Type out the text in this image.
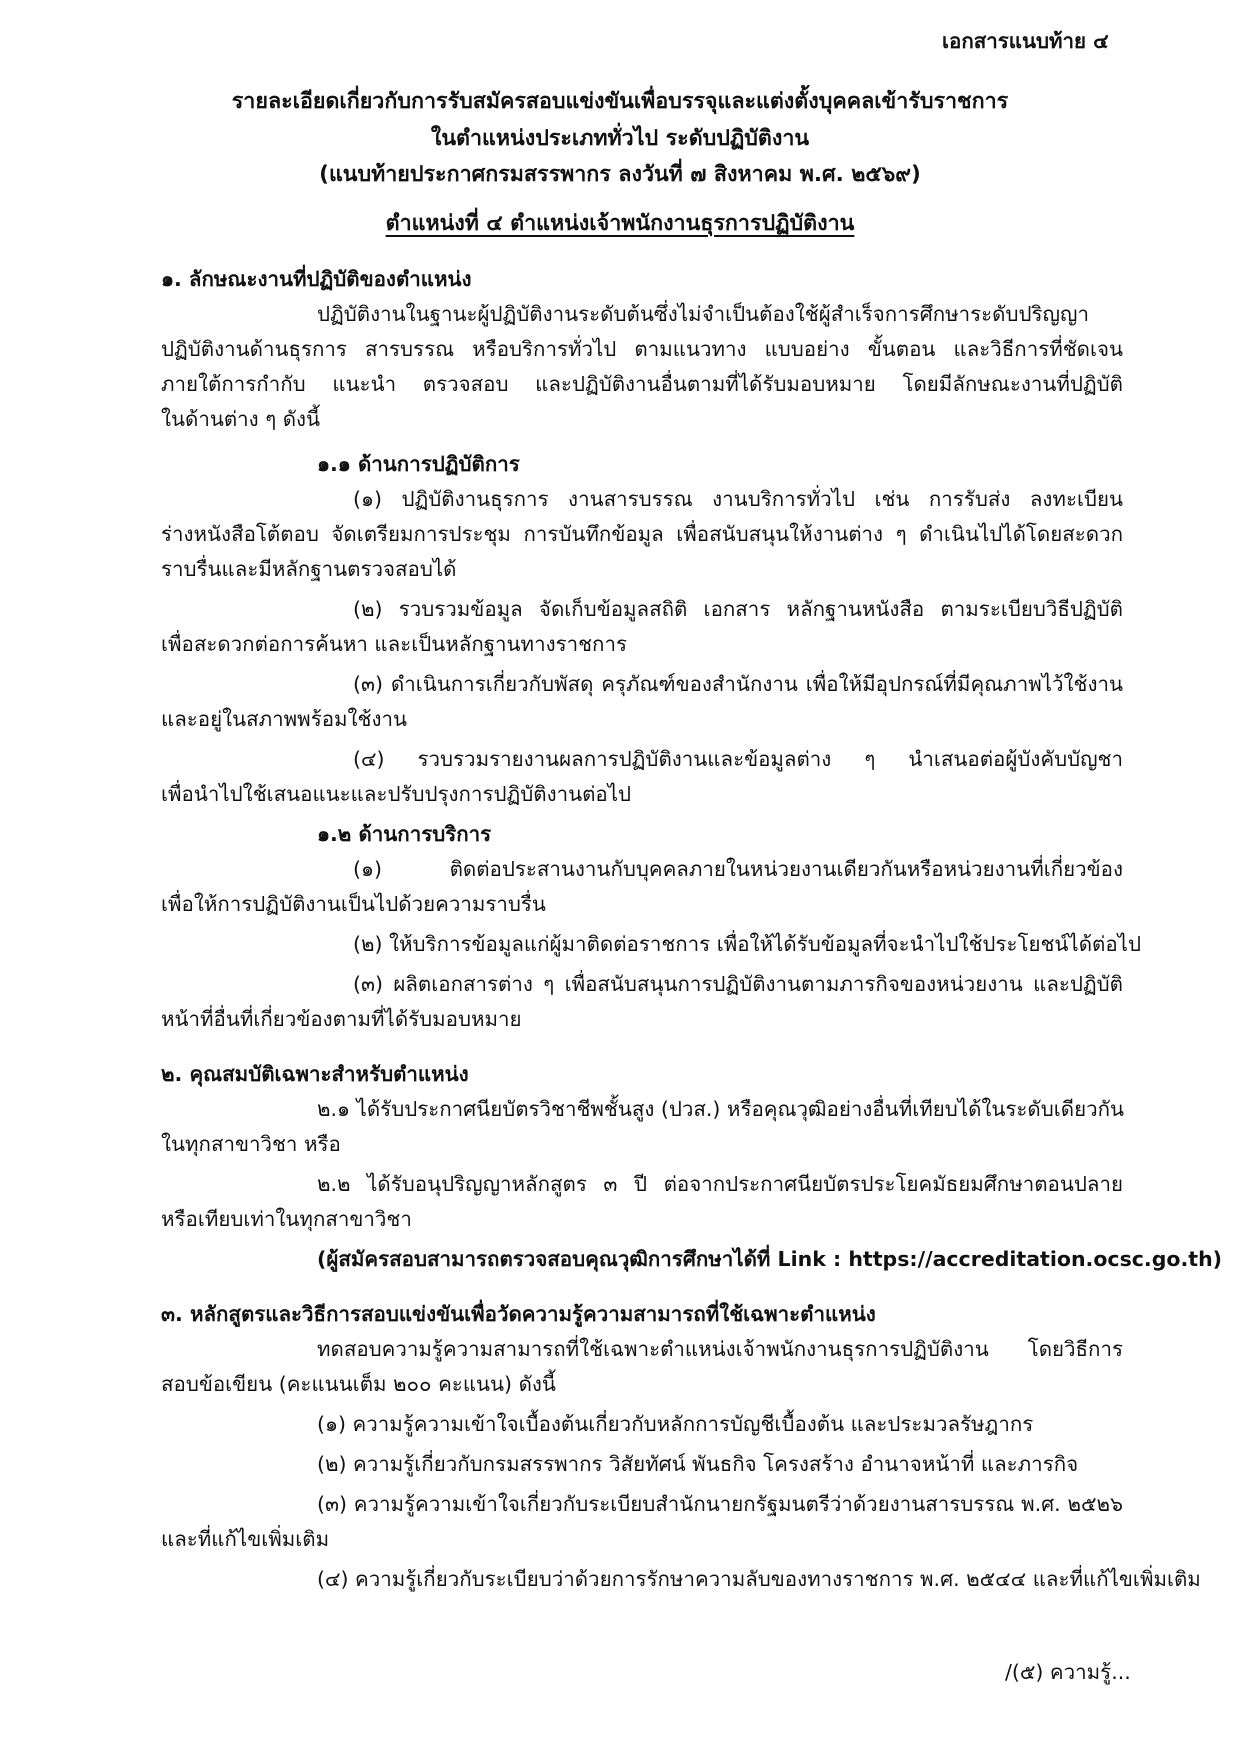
เอกสารแนบท้าย ๔
รายละเอียดเกี่ยวกับการรับสมัครสอบแข่งขันเพื่อบรรจุและแต่งตั้งบุคคลเข้ารับราชการ
ในตำแหน่งประเภททั่วไป ระดับปฏิบัติงาน
(แนบท้ายประกาศกรมสรรพากร ลงวันที่ ๗ สิงหาคม พ.ศ. ๒๕๖๙)
ตำแหน่งที่ ๔ ตำแหน่งเจ้าพนักงานธุรการปฏิบัติงาน
๑. ลักษณะงานที่ปฏิบัติของตำแหน่ง
ปฏิบัติงานในฐานะผู้ปฏิบัติงานระดับต้นซึ่งไม่จำเป็นต้องใช้ผู้สำเร็จการศึกษาระดับปริญญา
ปฏิบัติงานด้านธุรการ สารบรรณ หรือบริการทั่วไป ตามแนวทาง แบบอย่าง ขั้นตอน และวิธีการที่ชัดเจน
ภายใต้การกำกับ แนะนำ ตรวจสอบ และปฏิบัติงานอื่นตามที่ได้รับมอบหมาย โดยมีลักษณะงานที่ปฏิบัติ
ในด้านต่าง ๆ ดังนี้
๑.๑ ด้านการปฏิบัติการ
(๑) ปฏิบัติงานธุรการ งานสารบรรณ งานบริการทั่วไป เช่น การรับส่ง ลงทะเบียน
ร่างหนังสือโต้ตอบ จัดเตรียมการประชุม การบันทึกข้อมูล เพื่อสนับสนุนให้งานต่าง ๆ ดำเนินไปได้โดยสะดวก
ราบรื่นและมีหลักฐานตรวจสอบได้
(๒) รวบรวมข้อมูล จัดเก็บข้อมูลสถิติ เอกสาร หลักฐานหนังสือ ตามระเบียบวิธีปฏิบัติ
เพื่อสะดวกต่อการค้นหา และเป็นหลักฐานทางราชการ
(๓) ดำเนินการเกี่ยวกับพัสดุ ครุภัณฑ์ของสำนักงาน เพื่อให้มีอุปกรณ์ที่มีคุณภาพไว้ใช้งาน
และอยู่ในสภาพพร้อมใช้งาน
(๔) รวบรวมรายงานผลการปฏิบัติงานและข้อมูลต่าง ๆ นำเสนอต่อผู้บังคับบัญชา
เพื่อนำไปใช้เสนอแนะและปรับปรุงการปฏิบัติงานต่อไป
๑.๒ ด้านการบริการ
(๑) ติดต่อประสานงานกับบุคคลภายในหน่วยงานเดียวกันหรือหน่วยงานที่เกี่ยวข้อง
เพื่อให้การปฏิบัติงานเป็นไปด้วยความราบรื่น
(๒) ให้บริการข้อมูลแก่ผู้มาติดต่อราชการ เพื่อให้ได้รับข้อมูลที่จะนำไปใช้ประโยชน์ได้ต่อไป
(๓) ผลิตเอกสารต่าง ๆ เพื่อสนับสนุนการปฏิบัติงานตามภารกิจของหน่วยงาน และปฏิบัติ
หน้าที่อื่นที่เกี่ยวข้องตามที่ได้รับมอบหมาย
๒. คุณสมบัติเฉพาะสำหรับตำแหน่ง
๒.๑ ได้รับประกาศนียบัตรวิชาชีพชั้นสูง (ปวส.) หรือคุณวุฒิอย่างอื่นที่เทียบได้ในระดับเดียวกัน
ในทุกสาขาวิชา หรือ
๒.๒ ได้รับอนุปริญญาหลักสูตร ๓ ปี ต่อจากประกาศนียบัตรประโยคมัธยมศึกษาตอนปลาย
หรือเทียบเท่าในทุกสาขาวิชา
(ผู้สมัครสอบสามารถตรวจสอบคุณวุฒิการศึกษาได้ที่ Link : https://accreditation.ocsc.go.th)
๓. หลักสูตรและวิธีการสอบแข่งขันเพื่อวัดความรู้ความสามารถที่ใช้เฉพาะตำแหน่ง
ทดสอบความรู้ความสามารถที่ใช้เฉพาะตำแหน่งเจ้าพนักงานธุรการปฏิบัติงาน โดยวิธีการ
สอบข้อเขียน (คะแนนเต็ม ๒๐๐ คะแนน) ดังนี้
(๑) ความรู้ความเข้าใจเบื้องต้นเกี่ยวกับหลักการบัญชีเบื้องต้น และประมวลรัษฎากร
(๒) ความรู้เกี่ยวกับกรมสรรพากร วิสัยทัศน์ พันธกิจ โครงสร้าง อำนาจหน้าที่ และภารกิจ
(๓) ความรู้ความเข้าใจเกี่ยวกับระเบียบสำนักนายกรัฐมนตรีว่าด้วยงานสารบรรณ พ.ศ. ๒๕๒๖
และที่แก้ไขเพิ่มเติม
(๔) ความรู้เกี่ยวกับระเบียบว่าด้วยการรักษาความลับของทางราชการ พ.ศ. ๒๕๔๔ และที่แก้ไขเพิ่มเติม
/(๕) ความรู้...
